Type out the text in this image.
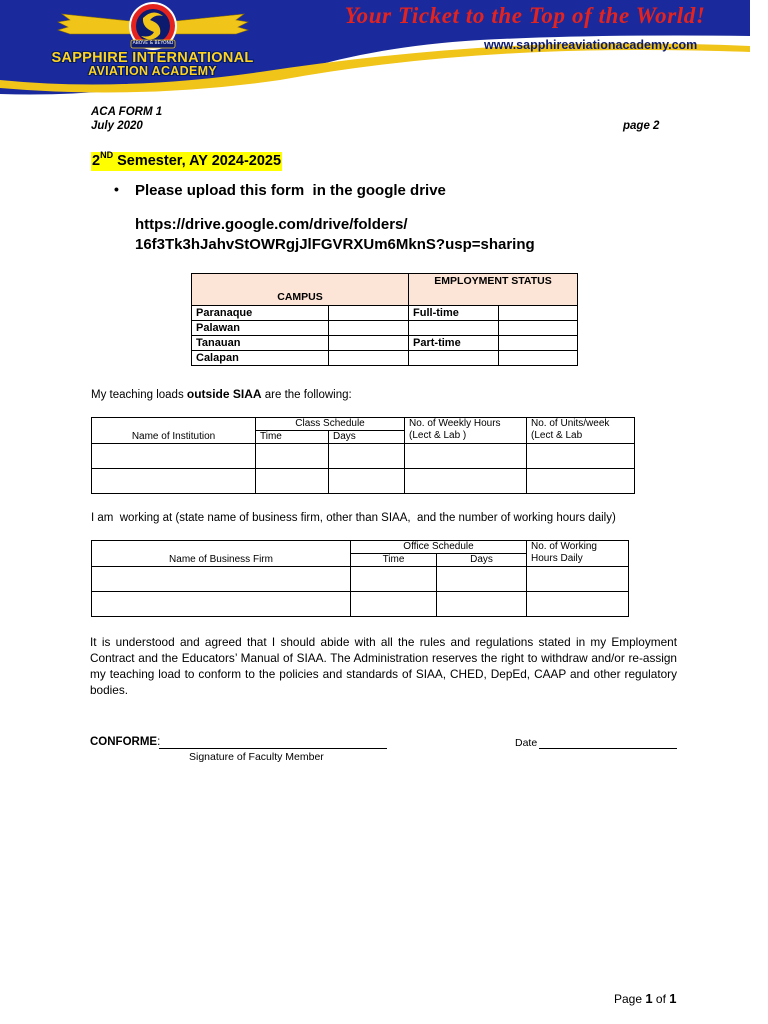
ABOVE & BEYOND
SAPPHIRE INTERNATIONAL
AVIATION ACADEMY
Your Ticket to the Top of the World!
www.sapphireaviationacademy.com
ACA FORM 1
July 2020	page 2
2ND Semester, AY 2024-2025
• Please upload this form  in the google drive
https://drive.google.com/drive/folders/
16f3Tk3hJahvStOWRgjJlFGVRXUm6MknS?usp=sharing
CAMPUS		EMPLOYMENT STATUS	
Paranaque		Full-time	
Palawan			
Tanauan		Part-time	
Calapan			
My teaching loads outside SIAA are the following:
Name of Institution	Class Schedule		No. of Weekly Hours (Lect & Lab )	No. of Units/week (Lect & Lab
	Time	Days		

I am  working at (state name of business firm, other than SIAA,  and the number of working hours daily)
Name of Business Firm	Office Schedule		No. of Working Hours Daily
	Time	Days	

It is understood and agreed that I should abide with all the rules and regulations stated in my Employment Contract and the Educators’ Manual of SIAA. The Administration reserves the right to withdraw and/or re-assign my teaching load to conform to the policies and standards of SIAA, CHED, DepEd, CAAP and other regulatory bodies.
CONFORME:
Signature of Faculty Member
Date
Page 1 of 1
